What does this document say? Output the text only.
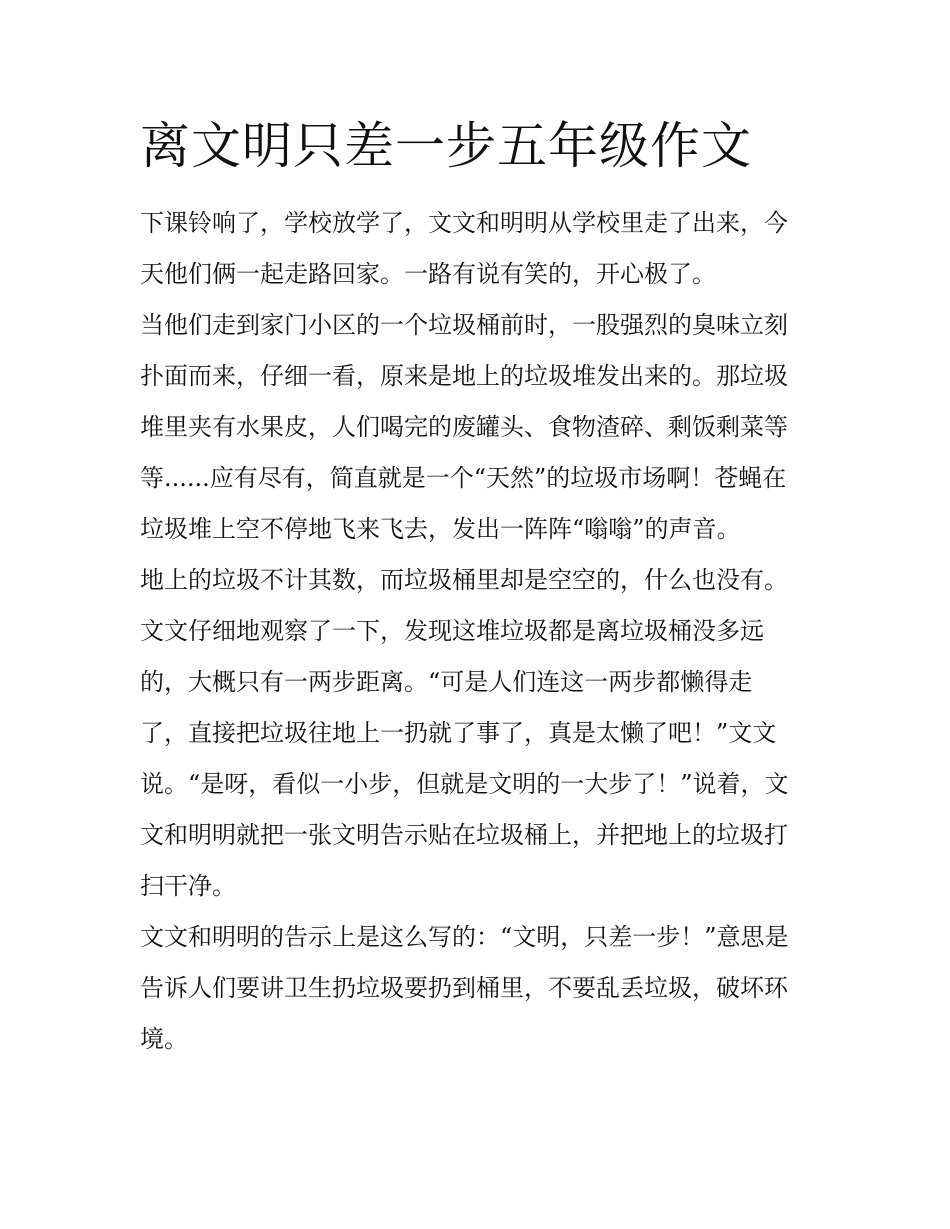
离文明只差一步五年级作文
下课铃响了，学校放学了，文文和明明从学校里走了出来，今
天他们俩一起走路回家。一路有说有笑的，开心极了。
当他们走到家门小区的一个垃圾桶前时，一股强烈的臭味立刻
扑面而来，仔细一看，原来是地上的垃圾堆发出来的。那垃圾
堆里夹有水果皮，人们喝完的废罐头、食物渣碎、剩饭剩菜等
等......应有尽有，简直就是一个“天然”的垃圾市场啊！苍蝇在
垃圾堆上空不停地飞来飞去，发出一阵阵“嗡嗡”的声音。
地上的垃圾不计其数，而垃圾桶里却是空空的，什么也没有。
文文仔细地观察了一下，发现这堆垃圾都是离垃圾桶没多远
的，大概只有一两步距离。“可是人们连这一两步都懒得走
了，直接把垃圾往地上一扔就了事了，真是太懒了吧！”文文
说。“是呀，看似一小步，但就是文明的一大步了！”说着，文
文和明明就把一张文明告示贴在垃圾桶上，并把地上的垃圾打
扫干净。
文文和明明的告示上是这么写的：“文明，只差一步！”意思是
告诉人们要讲卫生扔垃圾要扔到桶里，不要乱丢垃圾，破坏环
境。
